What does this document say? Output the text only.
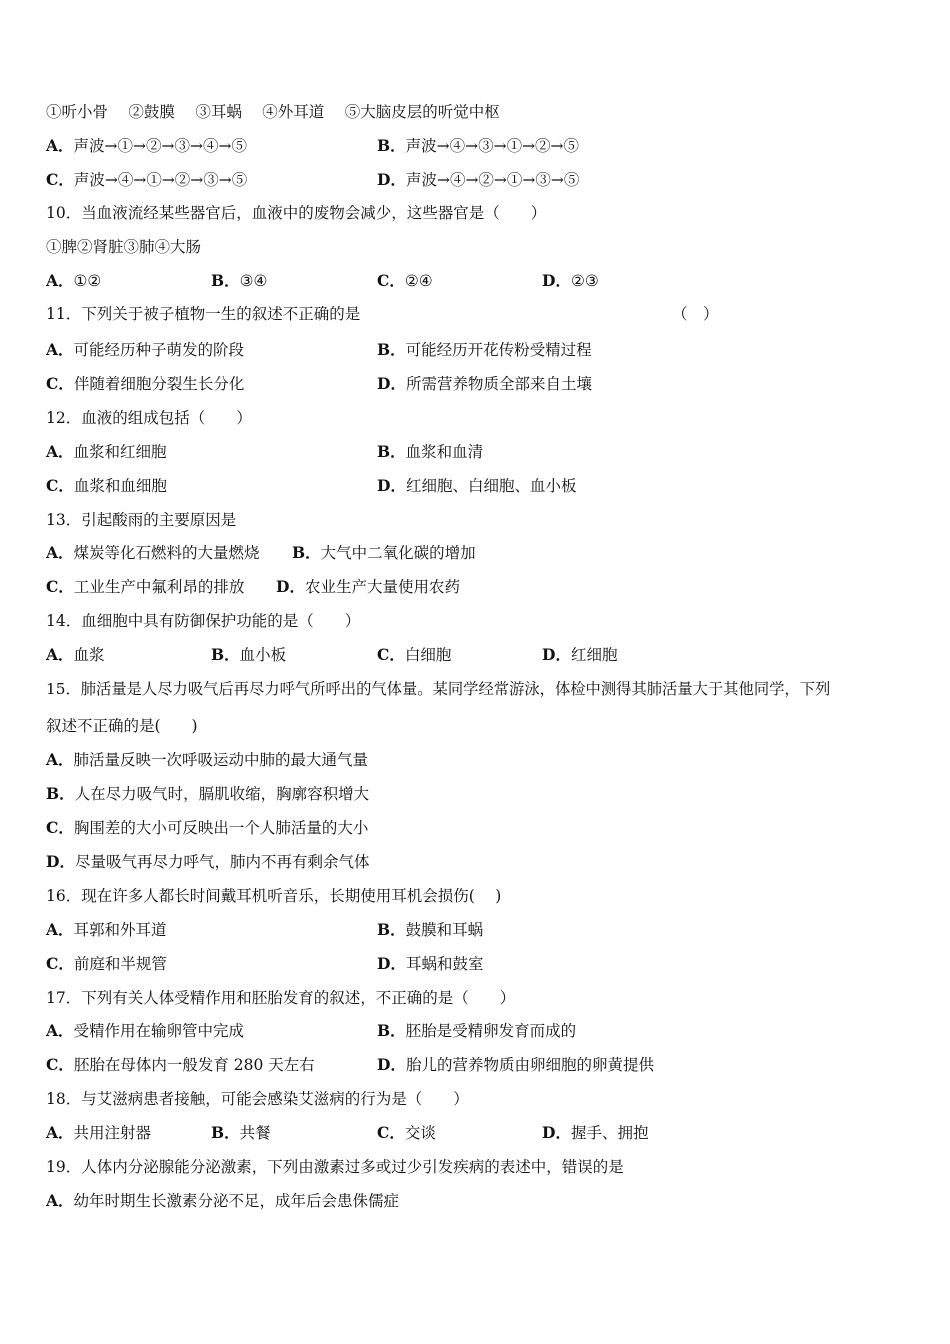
①听小骨　 ②鼓膜　 ③耳蜗　 ④外耳道　 ⑤大脑皮层的听觉中枢
A．声波→①→②→③→④→⑤	B．声波→④→③→①→②→⑤
C．声波→④→①→②→③→⑤	D．声波→④→②→①→③→⑤
10．当血液流经某些器官后，血液中的废物会减少，这些器官是（　　）
①脾②肾脏③肺④大肠
A．①②	B．③④	C．②④	D．②③
11．下列关于被子植物一生的叙述不正确的是	（　）
A．可能经历种子萌发的阶段	B．可能经历开花传粉受精过程
C．伴随着细胞分裂生长分化	D．所需营养物质全部来自土壤
12．血液的组成包括（　　）
A．血浆和红细胞	B．血浆和血清
C．血浆和血细胞	D．红细胞、白细胞、血小板
13．引起酸雨的主要原因是
A．煤炭等化石燃料的大量燃烧 B．大气中二氧化碳的增加
C．工业生产中氟利昂的排放 D．农业生产大量使用农药
14．血细胞中具有防御保护功能的是（　　）
A．血浆	B．血小板	C．白细胞	D．红细胞
15．肺活量是人尽力吸气后再尽力呼气所呼出的气体量。某同学经常游泳，体检中测得其肺活量大于其他同学，下列
叙述不正确的是(　　)
A．肺活量反映一次呼吸运动中肺的最大通气量
B．人在尽力吸气时，膈肌收缩，胸廓容积增大
C．胸围差的大小可反映出一个人肺活量的大小
D．尽量吸气再尽力呼气，肺内不再有剩余气体
16．现在许多人都长时间戴耳机听音乐，长期使用耳机会损伤(　 )
A．耳郭和外耳道	B．鼓膜和耳蜗
C．前庭和半规管	D．耳蜗和鼓室
17．下列有关人体受精作用和胚胎发育的叙述，不正确的是（　　）
A．受精作用在输卵管中完成	B．胚胎是受精卵发育而成的
C．胚胎在母体内一般发育 280 天左右	D．胎儿的营养物质由卵细胞的卵黄提供
18．与艾滋病患者接触，可能会感染艾滋病的行为是（　　）
A．共用注射器	B．共餐	C．交谈	D．握手、拥抱
19．人体内分泌腺能分泌激素，下列由激素过多或过少引发疾病的表述中，错误的是
A．幼年时期生长激素分泌不足，成年后会患侏儒症
